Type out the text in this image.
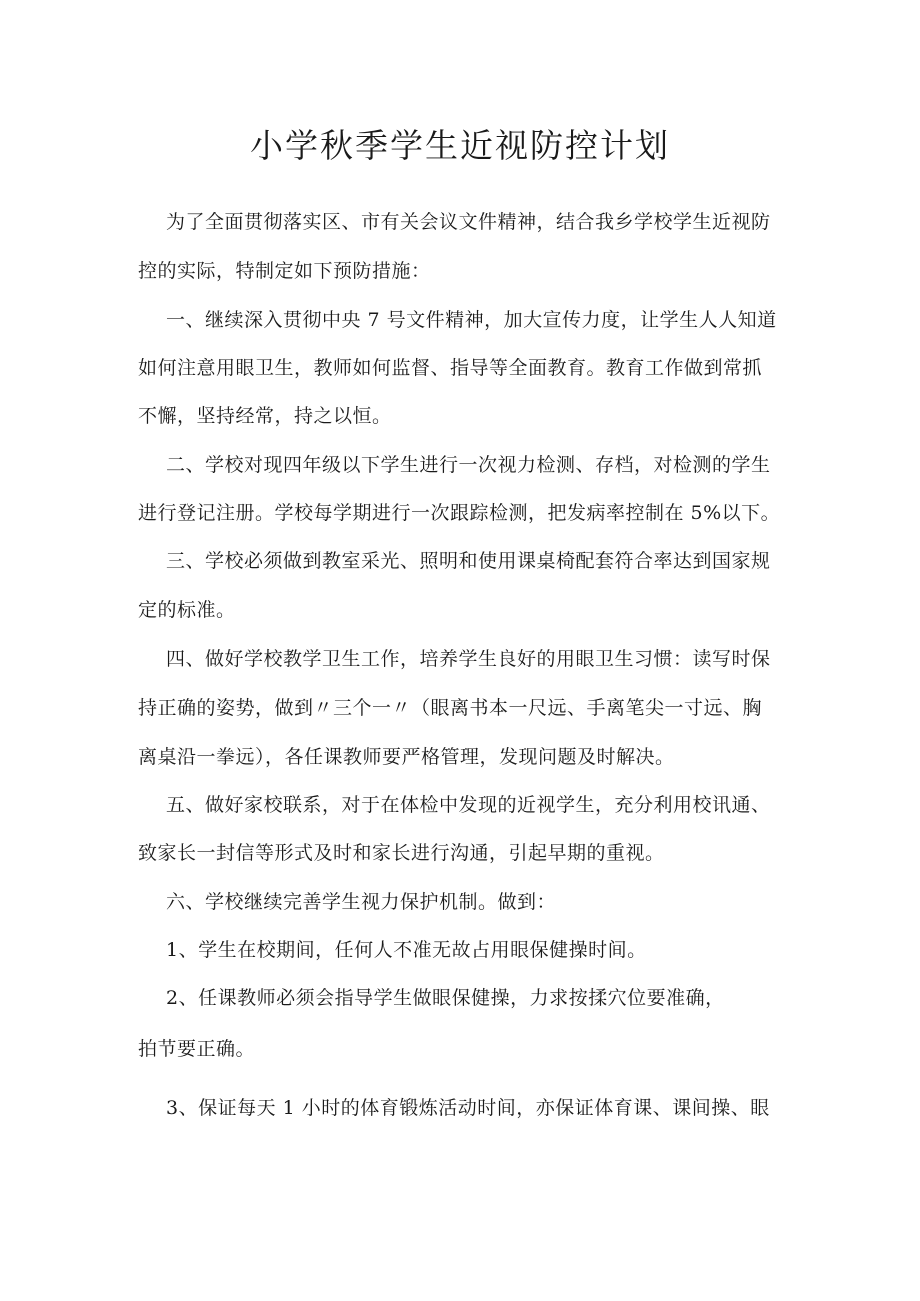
小学秋季学生近视防控计划

为了全面贯彻落实区、市有关会议文件精神，结合我乡学校学生近视防

控的实际，特制定如下预防措施：

一、继续深入贯彻中央 7 号文件精神，加大宣传力度，让学生人人知道

如何注意用眼卫生，教师如何监督、指导等全面教育。教育工作做到常抓

不懈，坚持经常，持之以恒。

二、学校对现四年级以下学生进行一次视力检测、存档，对检测的学生

进行登记注册。学校每学期进行一次跟踪检测，把发病率控制在 5%以下。

三、学校必须做到教室采光、照明和使用课桌椅配套符合率达到国家规

定的标准。

四、做好学校教学卫生工作，培养学生良好的用眼卫生习惯：读写时保

持正确的姿势，做到〃三个一〃（眼离书本一尺远、手离笔尖一寸远、胸

离桌沿一拳远），各任课教师要严格管理，发现问题及时解决。

五、做好家校联系，对于在体检中发现的近视学生，充分利用校讯通、

致家长一封信等形式及时和家长进行沟通，引起早期的重视。

六、学校继续完善学生视力保护机制。做到：

1、学生在校期间，任何人不准无故占用眼保健操时间。

2、任课教师必须会指导学生做眼保健操，力求按揉穴位要准确，

拍节要正确。

3、保证每天 1 小时的体育锻炼活动时间，亦保证体育课、课间操、眼
